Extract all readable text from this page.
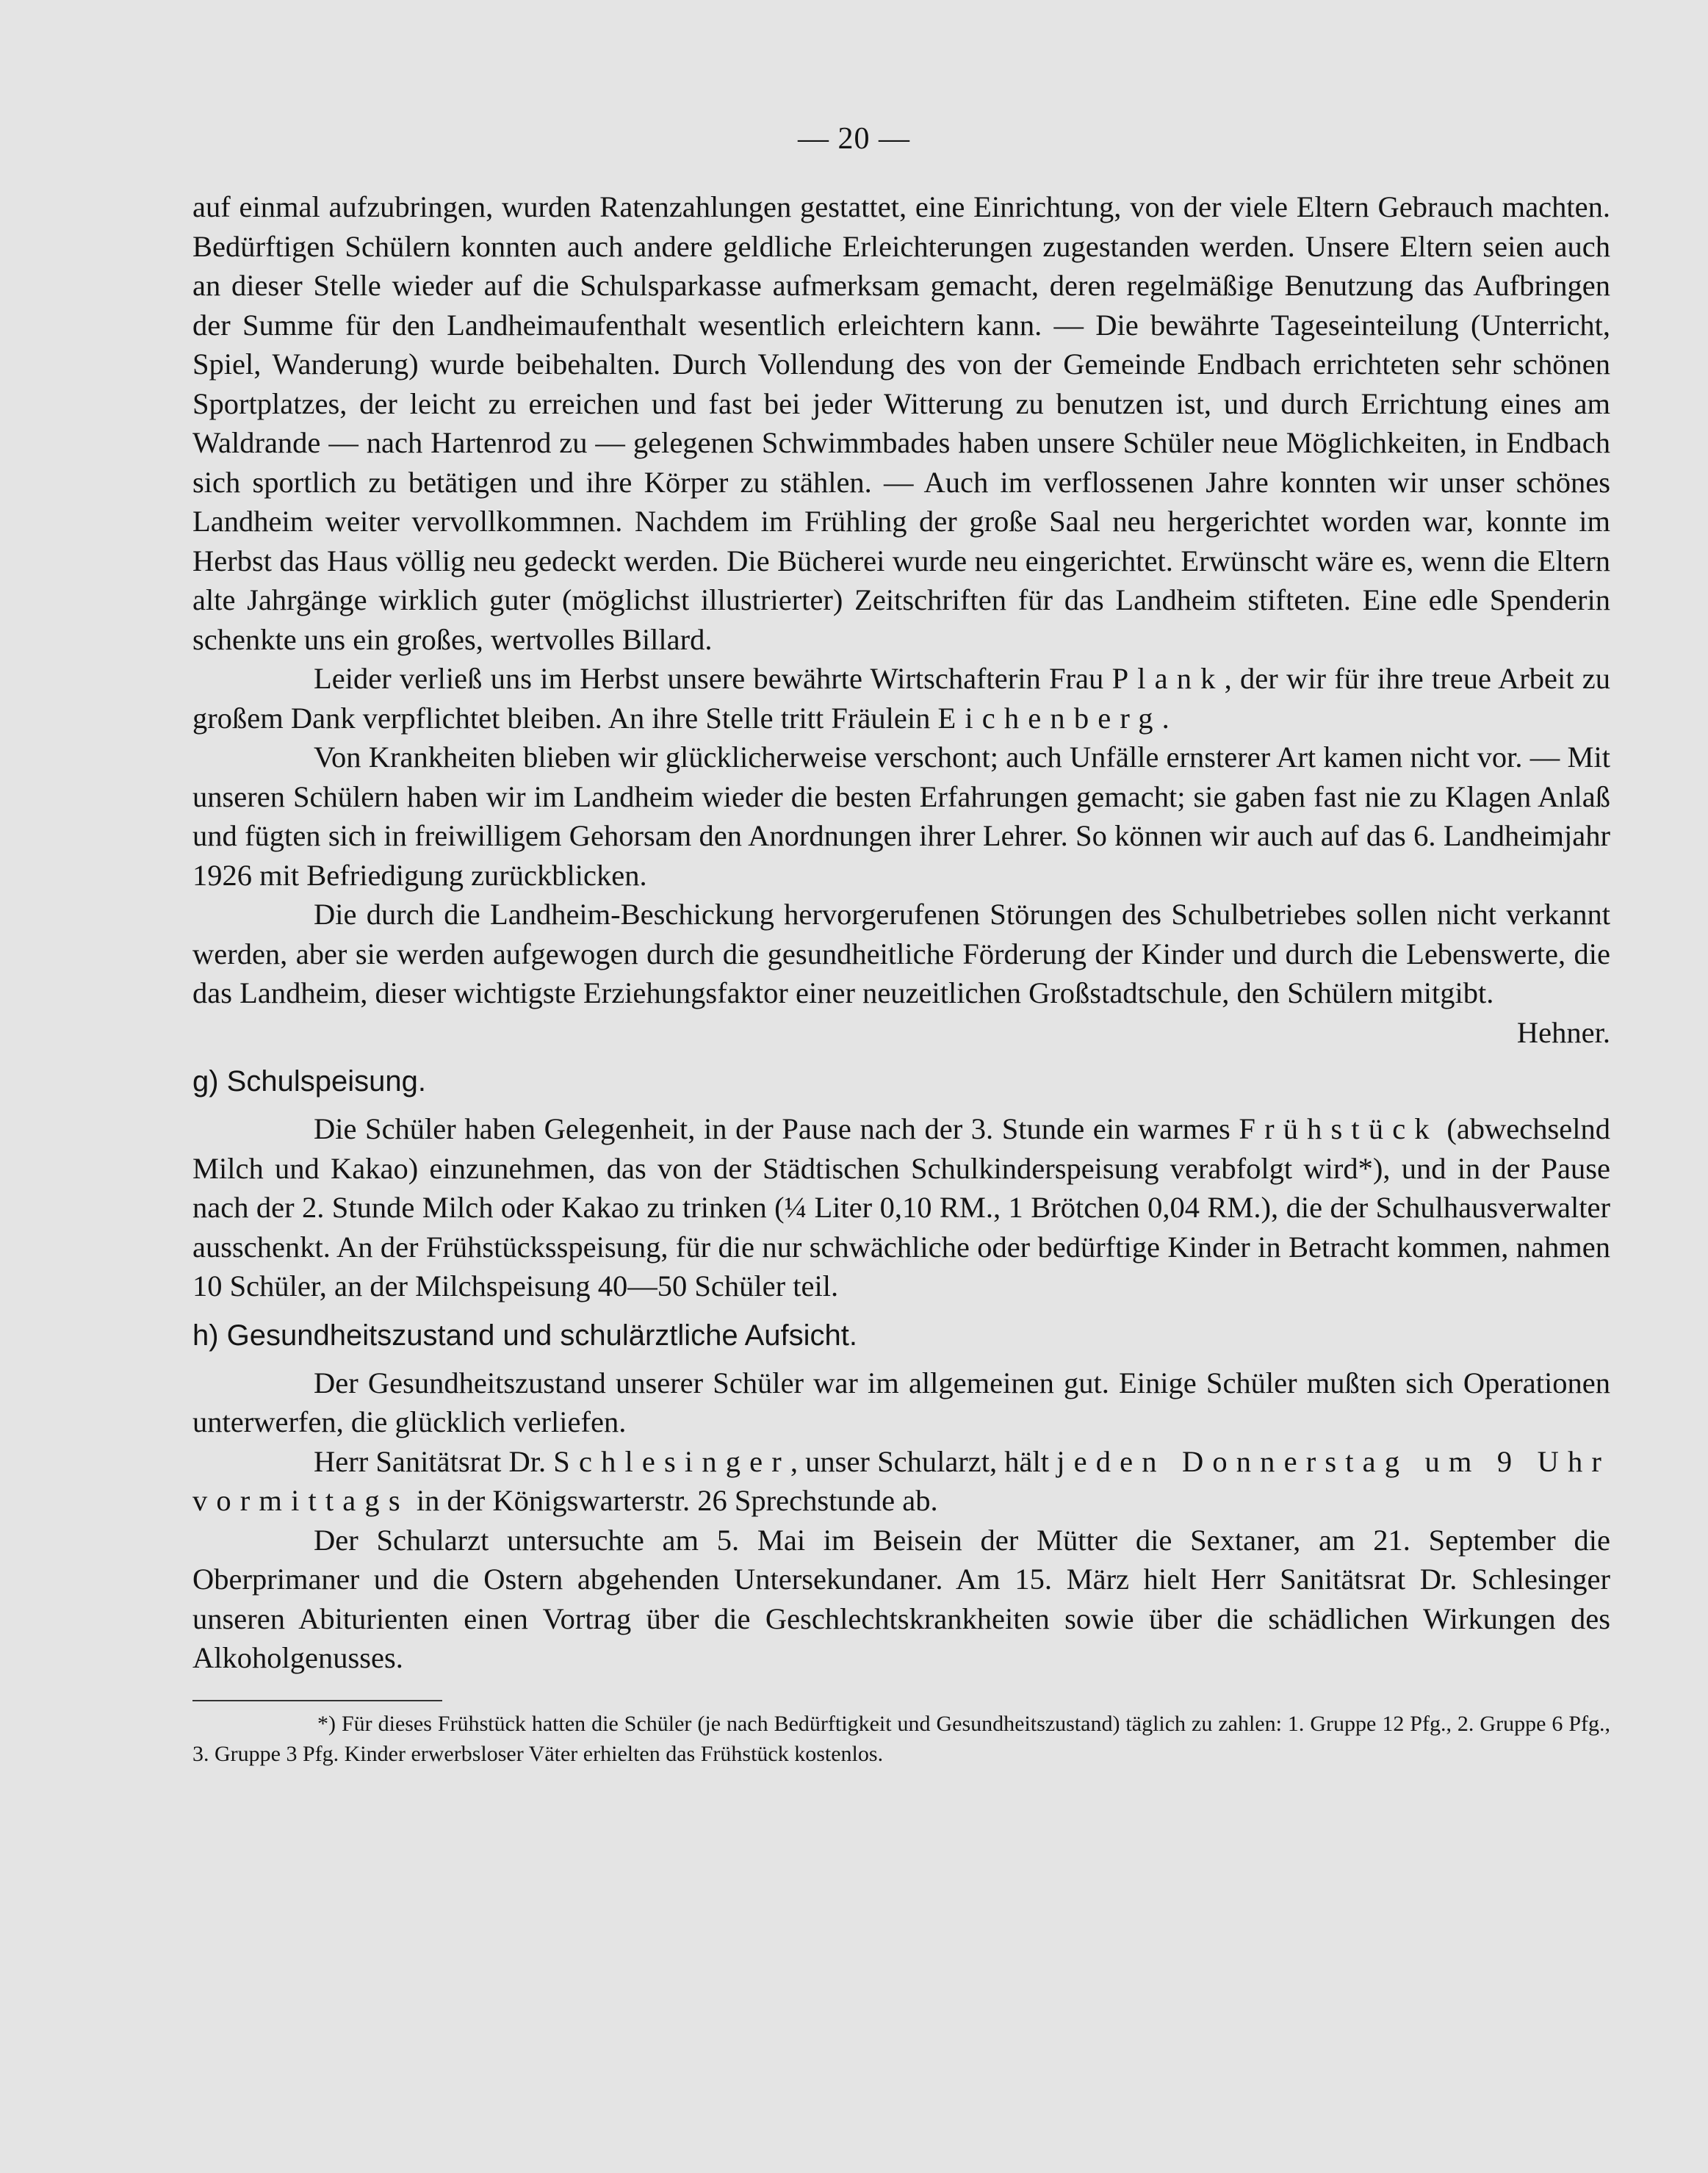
— 20 —

auf einmal aufzubringen, wurden Ratenzahlungen gestattet, eine Einrichtung, von der viele Eltern Gebrauch machten. Bedürftigen Schülern konnten auch andere geldliche Erleichterungen zugestanden werden. Unsere Eltern seien auch an dieser Stelle wieder auf die Schulsparkasse aufmerksam gemacht, deren regelmäßige Benutzung das Aufbringen der Summe für den Landheimaufenthalt wesentlich erleichtern kann. — Die bewährte Tageseinteilung (Unterricht, Spiel, Wanderung) wurde beibehalten. Durch Vollendung des von der Gemeinde Endbach errichteten sehr schönen Sportplatzes, der leicht zu erreichen und fast bei jeder Witterung zu benutzen ist, und durch Errichtung eines am Waldrande — nach Hartenrod zu — gelegenen Schwimmbades haben unsere Schüler neue Möglichkeiten, in Endbach sich sportlich zu betätigen und ihre Körper zu stählen. — Auch im verflossenen Jahre konnten wir unser schönes Landheim weiter vervollkommnen. Nachdem im Frühling der große Saal neu hergerichtet worden war, konnte im Herbst das Haus völlig neu gedeckt werden. Die Bücherei wurde neu eingerichtet. Erwünscht wäre es, wenn die Eltern alte Jahrgänge wirklich guter (möglichst illustrierter) Zeitschriften für das Landheim stifteten. Eine edle Spenderin schenkte uns ein großes, wertvolles Billard.

Leider verließ uns im Herbst unsere bewährte Wirtschafterin Frau Plank, der wir für ihre treue Arbeit zu großem Dank verpflichtet bleiben. An ihre Stelle tritt Fräulein Eichenberg.

Von Krankheiten blieben wir glücklicherweise verschont; auch Unfälle ernsterer Art kamen nicht vor. — Mit unseren Schülern haben wir im Landheim wieder die besten Erfahrungen gemacht; sie gaben fast nie zu Klagen Anlaß und fügten sich in freiwilligem Gehorsam den Anordnungen ihrer Lehrer. So können wir auch auf das 6. Landheimjahr 1926 mit Befriedigung zurückblicken.

Die durch die Landheim-Beschickung hervorgerufenen Störungen des Schulbetriebes sollen nicht verkannt werden, aber sie werden aufgewogen durch die gesundheitliche Förderung der Kinder und durch die Lebenswerte, die das Landheim, dieser wichtigste Erziehungsfaktor einer neuzeitlichen Großstadtschule, den Schülern mitgibt.
Hehner.

g) Schulspeisung.

Die Schüler haben Gelegenheit, in der Pause nach der 3. Stunde ein warmes Frühstück (abwechselnd Milch und Kakao) einzunehmen, das von der Städtischen Schulkinderspeisung verabfolgt wird*), und in der Pause nach der 2. Stunde Milch oder Kakao zu trinken (¼ Liter 0,10 RM., 1 Brötchen 0,04 RM.), die der Schulhausverwalter ausschenkt. An der Frühstücksspeisung, für die nur schwächliche oder bedürftige Kinder in Betracht kommen, nahmen 10 Schüler, an der Milchspeisung 40—50 Schüler teil.

h) Gesundheitszustand und schulärztliche Aufsicht.

Der Gesundheitszustand unserer Schüler war im allgemeinen gut. Einige Schüler mußten sich Operationen unterwerfen, die glücklich verliefen.

Herr Sanitätsrat Dr. Schlesinger, unser Schularzt, hält jeden Donnerstag um 9 Uhr vormittags in der Königswarterstr. 26 Sprechstunde ab.

Der Schularzt untersuchte am 5. Mai im Beisein der Mütter die Sextaner, am 21. September die Oberprimaner und die Ostern abgehenden Untersekundaner. Am 15. März hielt Herr Sanitätsrat Dr. Schlesinger unseren Abiturienten einen Vortrag über die Geschlechtskrankheiten sowie über die schädlichen Wirkungen des Alkoholgenusses.

*) Für dieses Frühstück hatten die Schüler (je nach Bedürftigkeit und Gesundheitszustand) täglich zu zahlen: 1. Gruppe 12 Pfg., 2. Gruppe 6 Pfg., 3. Gruppe 3 Pfg. Kinder erwerbsloser Väter erhielten das Frühstück kostenlos.
